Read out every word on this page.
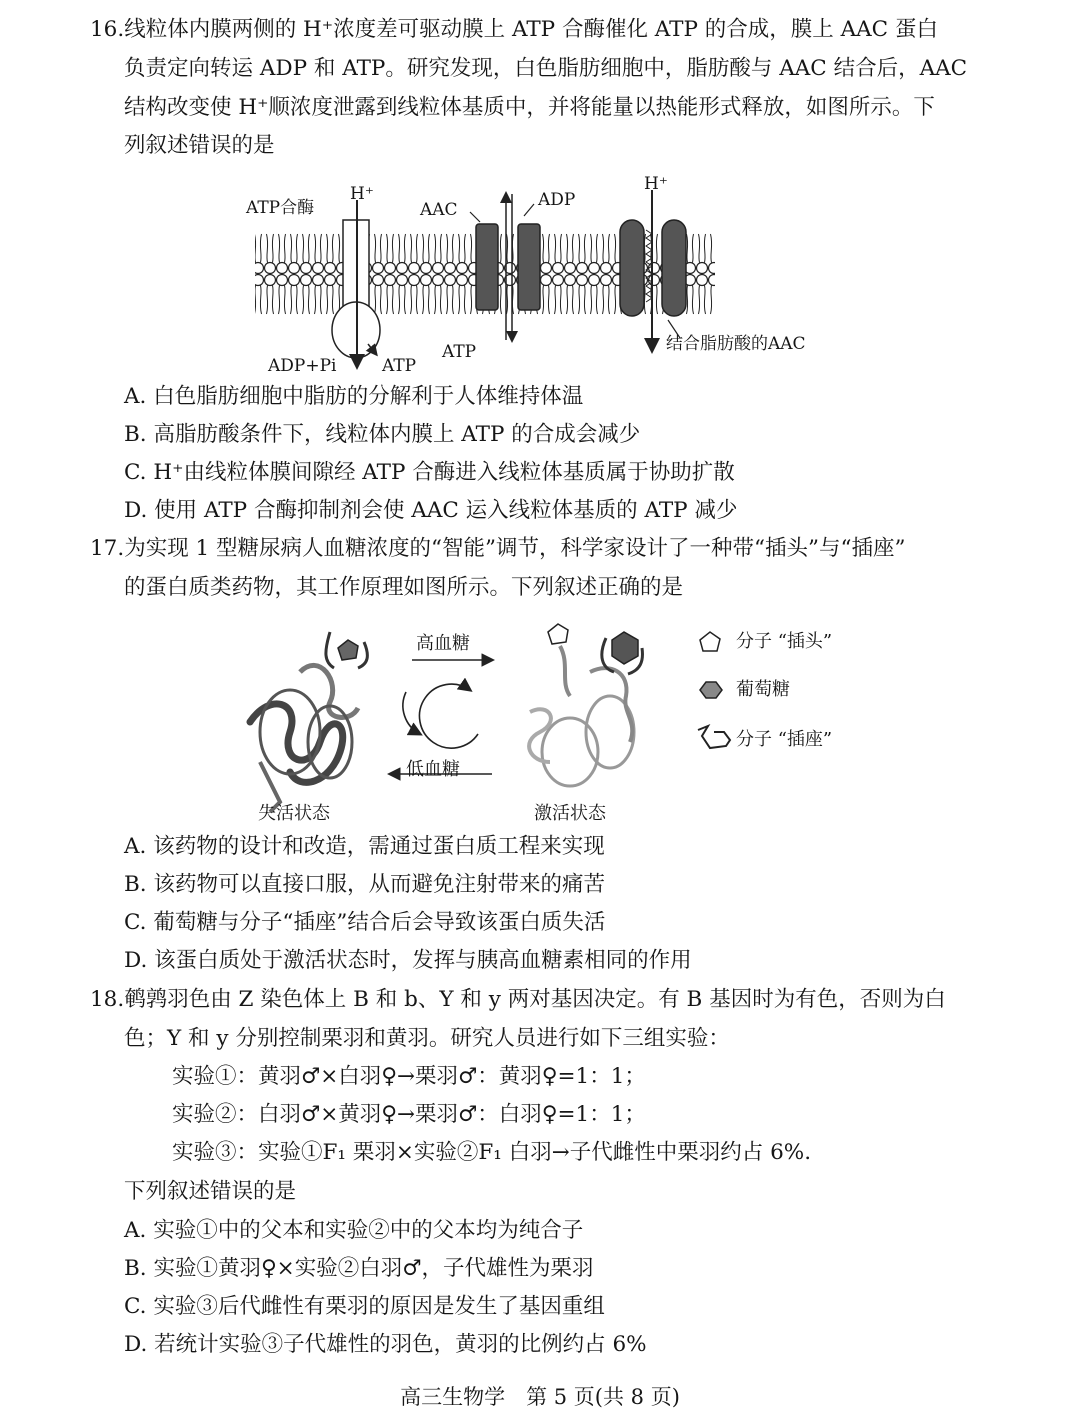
16.线粒体内膜两侧的 H⁺浓度差可驱动膜上 ATP 合酶催化 ATP 的合成，膜上 AAC 蛋白
负责定向转运 ADP 和 ATP。研究发现，白色脂肪细胞中，脂肪酸与 AAC 结合后，AAC
结构改变使 H⁺顺浓度泄露到线粒体基质中，并将能量以热能形式释放，如图所示。下
列叙述错误的是
ATP合酶
H⁺
AAC	ADP
H⁺
ADP+Pi	ATP
ATP	结合脂肪酸的AAC
A. 白色脂肪细胞中脂肪的分解利于人体维持体温
B. 高脂肪酸条件下，线粒体内膜上 ATP 的合成会减少
C. H⁺由线粒体膜间隙经 ATP 合酶进入线粒体基质属于协助扩散
D. 使用 ATP 合酶抑制剂会使 AAC 运入线粒体基质的 ATP 减少
17.为实现 1 型糖尿病人血糖浓度的“智能”调节，科学家设计了一种带“插头”与“插座”
的蛋白质类药物，其工作原理如图所示。下列叙述正确的是
高血糖
低血糖
失活状态	激活状态
分子 “插头”
葡萄糖
分子 “插座”
A. 该药物的设计和改造，需通过蛋白质工程来实现
B. 该药物可以直接口服，从而避免注射带来的痛苦
C. 葡萄糖与分子“插座”结合后会导致该蛋白质失活
D. 该蛋白质处于激活状态时，发挥与胰高血糖素相同的作用
18.鹌鹑羽色由 Z 染色体上 B 和 b、Y 和 y 两对基因决定。有 B 基因时为有色，否则为白
色；Y 和 y 分别控制栗羽和黄羽。研究人员进行如下三组实验：
实验①：黄羽♂×白羽♀→栗羽♂：黄羽♀=1：1；
实验②：白羽♂×黄羽♀→栗羽♂：白羽♀=1：1；
实验③：实验①F₁ 栗羽×实验②F₁ 白羽→子代雌性中栗羽约占 6%.
下列叙述错误的是
A. 实验①中的父本和实验②中的父本均为纯合子
B. 实验①黄羽♀×实验②白羽♂，子代雄性为栗羽
C. 实验③后代雌性有栗羽的原因是发生了基因重组
D. 若统计实验③子代雄性的羽色，黄羽的比例约占 6%
高三生物学　第 5 页(共 8 页)
